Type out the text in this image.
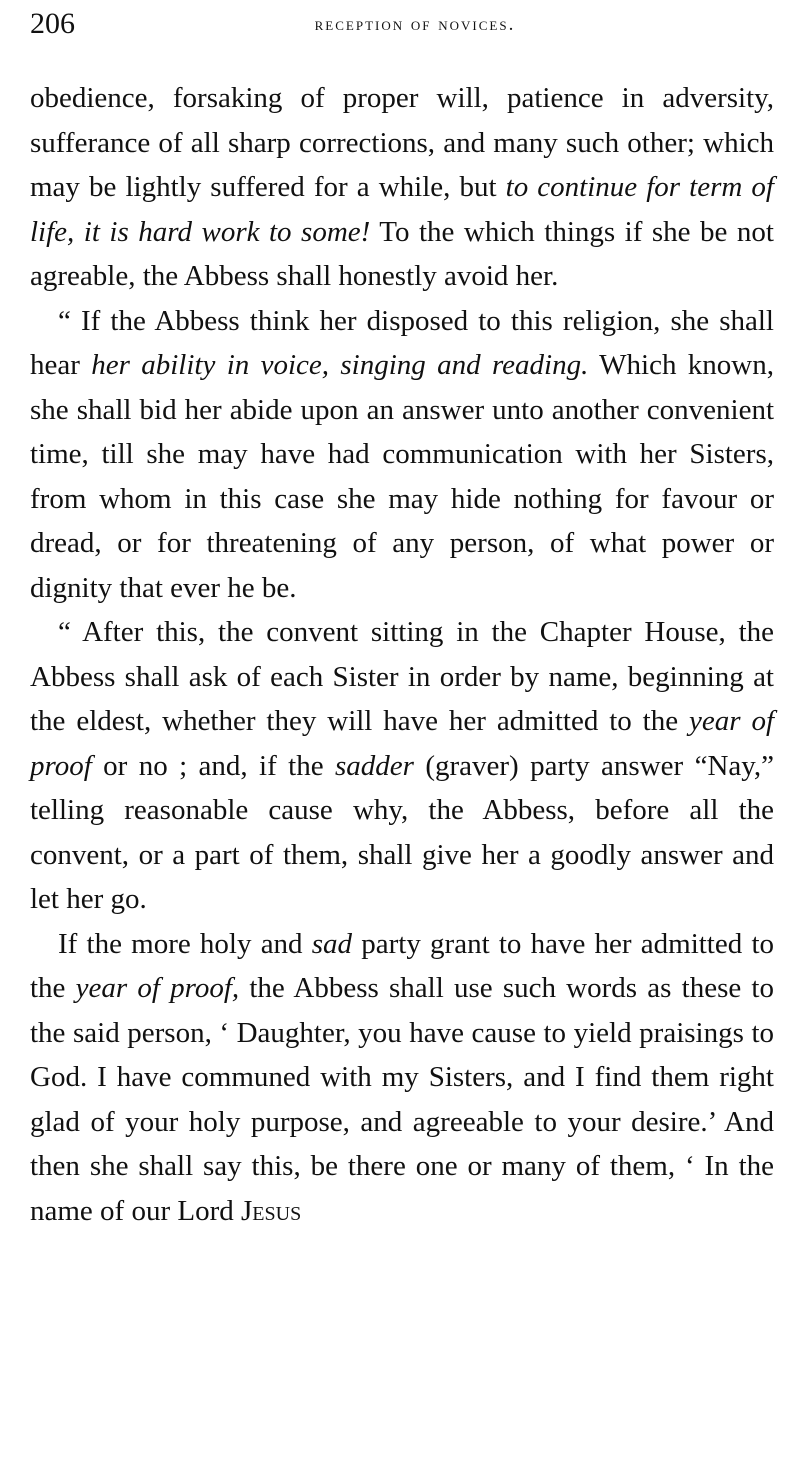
206	reception of novices.

obedience, forsaking of proper will, patience in adversity, sufferance of all sharp corrections, and many such other; which may be lightly suffered for a while, but to continue for term of life, it is hard work to some! To the which things if she be not agreable, the Abbess shall honestly avoid her.

“ If the Abbess think her disposed to this religion, she shall hear her ability in voice, singing and reading. Which known, she shall bid her abide upon an answer unto another convenient time, till she may have had communication with her Sisters, from whom in this case she may hide nothing for favour or dread, or for threatening of any person, of what power or dignity that ever he be.

“ After this, the convent sitting in the Chapter House, the Abbess shall ask of each Sister in order by name, beginning at the eldest, whether they will have her admitted to the year of proof or no ; and, if the sadder (graver) party answer “Nay,” telling reasonable cause why, the Abbess, before all the convent, or a part of them, shall give her a goodly answer and let her go.

If the more holy and sad party grant to have her admitted to the year of proof, the Abbess shall use such words as these to the said person, ‘ Daughter, you have cause to yield praisings to God. I have communed with my Sisters, and I find them right glad of your holy purpose, and agreeable to your desire.’ And then she shall say this, be there one or many of them, ‘ In the name of our Lord Jesus
